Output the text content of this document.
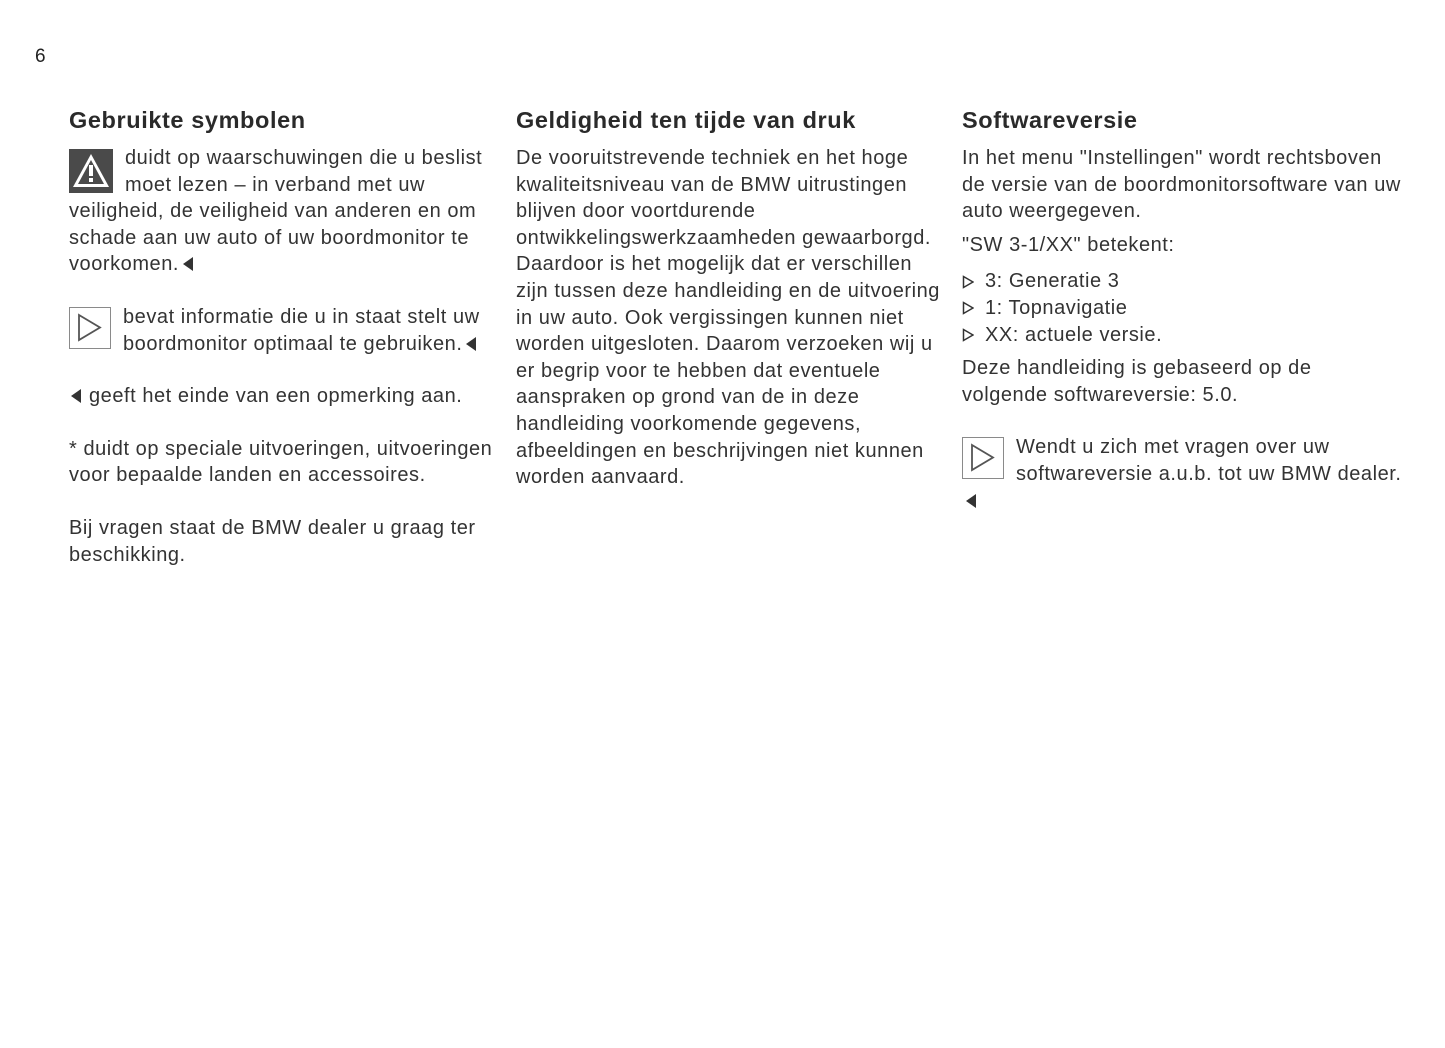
6
Gebruikte symbolen

duidt op waarschuwingen die u beslist moet lezen – in verband met uw veiligheid, de veiligheid van anderen en om schade aan uw auto of uw boordmonitor te voorkomen.

bevat informatie die u in staat stelt uw boordmonitor optimaal te gebruiken.

geeft het einde van een opmerking aan.

* duidt op speciale uitvoeringen, uitvoeringen voor bepaalde landen en accessoires.

Bij vragen staat de BMW dealer u graag ter beschikking.

Geldigheid ten tijde van druk

De vooruitstrevende techniek en het hoge kwaliteitsniveau van de BMW uitrustingen blijven door voortdurende ontwikkelingswerkzaamheden gewaarborgd. Daardoor is het mogelijk dat er verschillen zijn tussen deze handleiding en de uitvoering in uw auto. Ook vergissingen kunnen niet worden uitgesloten. Daarom verzoeken wij u er begrip voor te hebben dat eventuele aanspraken op grond van de in deze handleiding voorkomende gegevens, afbeeldingen en beschrijvingen niet kunnen worden aanvaard.

Softwareversie

In het menu "Instellingen" wordt rechtsboven de versie van de boordmonitorsoftware van uw auto weergegeven.

"SW 3-1/XX" betekent:

3: Generatie 3
1: Topnavigatie
XX: actuele versie.

Deze handleiding is gebaseerd op de volgende softwareversie: 5.0.

Wendt u zich met vragen over uw softwareversie a.u.b. tot uw BMW dealer.
